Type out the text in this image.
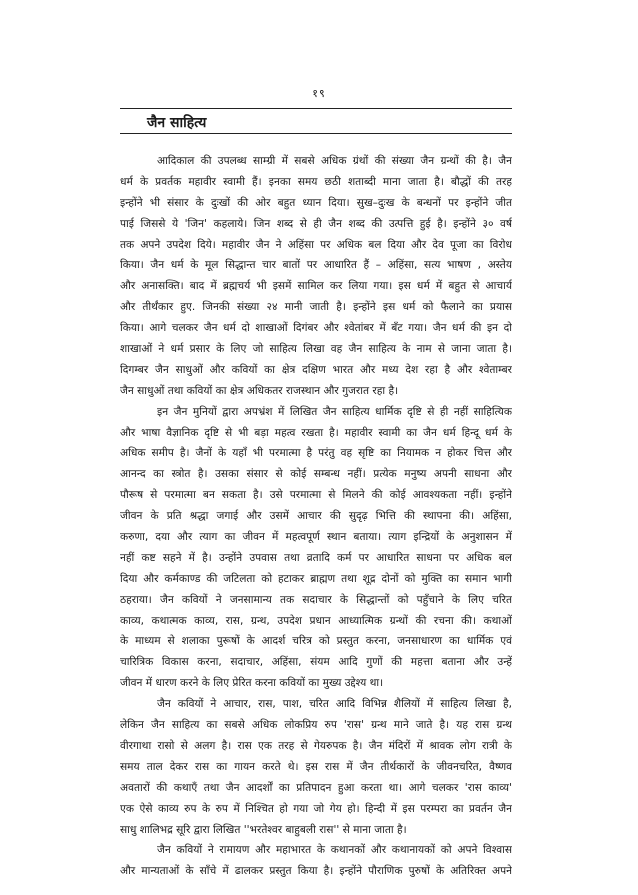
१९
जैन साहित्य
आदिकाल की उपलब्ध साम्ग्री में सबसे अधिक ग्रंथों की संख्या जैन ग्रन्थों की है। जैन
धर्म के प्रवर्तक महावीर स्वामी हैं। इनका समय छठी शताब्दी माना जाता है। बौद्धों की तरह
इन्होंने भी संसार के दुःखों की ओर बहुत ध्यान दिया। सुख–दुःख के बन्धनों पर इन्होंने जीत
पाई जिससे ये 'जिन' कहलाये। जिन शब्द से ही जैन शब्द की उत्पत्ति हुई है। इन्होंने ३० वर्ष
तक अपने उपदेश दिये। महावीर जैन ने अहिंसा पर अधिक बल दिया और देव पूजा का विरोध
किया। जैन धर्म के मूल सिद्धान्त चार बातों पर आधारित हैं – अहिंसा, सत्य भाषण , अस्तेय
और अनासक्ति। बाद में ब्रह्मचर्य भी इसमें सामिल कर लिया गया। इस धर्म में बहुत से आचार्य
और तीर्थंकार हुए. जिनकी संख्या २४ मानी जाती है। इन्होंने इस धर्म को फैलाने का प्रयास
किया। आगे चलकर जैन धर्म दो शाखाओं दिगंबर और श्वेतांबर में बँट गया। जैन धर्म की इन दो
शाखाओं ने धर्म प्रसार के लिए जो साहित्य लिखा वह जैन साहित्य के नाम से जाना जाता है।
दिगम्बर जैन साधुओं और कवियों का क्षेत्र दक्षिण भारत और मध्य देश रहा है और श्वेताम्बर
जैन साधुओं तथा कवियों का क्षेत्र अधिकतर राजस्थान और गुजरात रहा है।
इन जैन मुनियों द्वारा अपभ्रंश में लिखित जैन साहित्य धार्मिक दृष्टि से ही नहीं साहित्यिक
और भाषा वैज्ञानिक दृष्टि से भी बड़ा महत्व रखता है। महावीर स्वामी का जैन धर्म हिन्दू धर्म के
अधिक समीप है। जैनों के यहाँ भी परमात्मा है परंतु वह सृष्टि का नियामक न होकर चित्त और
आनन्द का स्त्रोत है। उसका संसार से कोई सम्बन्ध नहीं। प्रत्येक मनुष्य अपनी साधना और
पौरूष से परमात्मा बन सकता है। उसे परमात्मा से मिलने की कोई आवश्यकता नहीं। इन्होंने
जीवन के प्रति श्रद्धा जगाई और उसमें आचार की सुदृढ़ भित्ति की स्थापना की। अहिंसा,
करुणा, दया और त्याग का जीवन में महत्वपूर्ण स्थान बताया। त्याग इन्द्रियों के अनुशासन में
नहीं कष्ट सहने में है। उन्होंने उपवास तथा व्रतादि कर्म पर आधारित साधना पर अधिक बल
दिया और कर्मकाण्ड की जटिलता को हटाकर ब्राह्मण तथा शूद्र दोनों को मुक्ति का समान भागी
ठहराया। जैन कवियों ने जनसामान्य तक सदाचार के सिद्धान्तों को पहुँचाने के लिए चरित
काव्य, कथात्मक काव्य, रास, ग्रन्थ, उपदेश प्रधान आध्यात्मिक ग्रन्थों की रचना की। कथाओं
के माध्यम से शलाका पुरूषों के आदर्श चरित्र को प्रस्तुत करना, जनसाधारण का धार्मिक एवं
चारित्रिक विकास करना, सदाचार, अहिंसा, संयम आदि गुणों की महत्ता बताना और उन्हें
जीवन में धारण करने के लिए प्रेरित करना कवियों का मुख्य उद्देश्य था।
जैन कवियों ने आचार, रास, पाश, चरित आदि विभिन्न शैलियों में साहित्य लिखा है,
लेकिन जैन साहित्य का सबसे अधिक लोकप्रिय रुप 'रास' ग्रन्थ माने जाते है। यह रास ग्रन्थ
वीरगाथा रासो से अलग है। रास एक तरह से गेयरुपक है। जैन मंदिरों में श्रावक लोग रात्री के
समय ताल देकर रास का गायन करते थे। इस रास में जैन तीर्थकारों के जीवनचरित, वैष्णव
अवतारों की कथाएँ तथा जैन आदर्शों का प्रतिपादन हुआ करता था। आगे चलकर 'रास काव्य'
एक ऐसे काव्य रुप के रुप में निश्चित हो गया जो गेय हो। हिन्दी में इस परम्परा का प्रवर्तन जैन
साधु शालिभद्र सूरि द्वारा लिखित ''भरतेश्वर बाहुबली रास'' से माना जाता है।
जैन कवियों ने रामायण और महाभारत के कथानकों और कथानायकों को अपने विश्वास
और मान्यताओं के साँचे में ढालकर प्रस्तुत किया है। इन्होंने पौराणिक पुरुषों के अतिरिक्त अपने
